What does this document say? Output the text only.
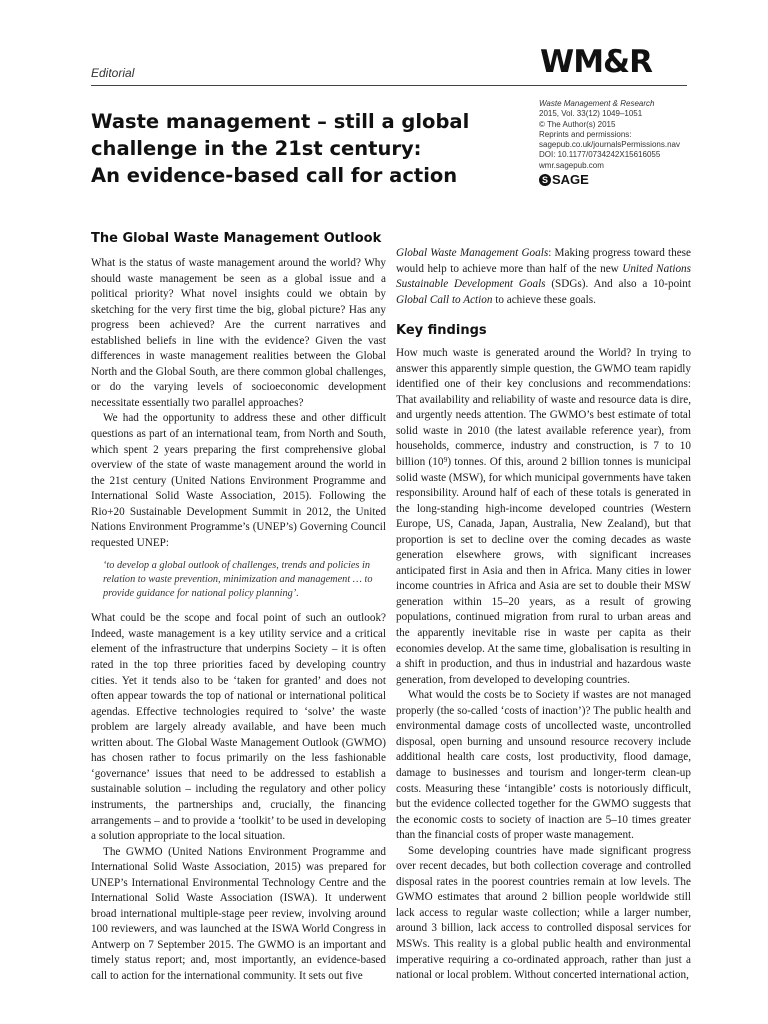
Editorial	WM&R
Waste management – still a global
challenge in the 21st century:
An evidence-based call for action
Waste Management & Research
2015, Vol. 33(12) 1049–1051
© The Author(s) 2015
Reprints and permissions:
sagepub.co.uk/journalsPermissions.nav
DOI: 10.1177/0734242X15616055
wmr.sagepub.com
S SAGE
The Global Waste Management Outlook

What is the status of waste management around the world? Why should waste management be seen as a global issue and a political priority? What novel insights could we obtain by sketching for the very first time the big, global picture? Has any progress been achieved? Are the current narratives and established beliefs in line with the evidence? Given the vast differences in waste management realities between the Global North and the Global South, are there common global challenges, or do the varying levels of socioeconomic development necessitate essentially two parallel approaches?

We had the opportunity to address these and other difficult questions as part of an international team, from North and South, which spent 2 years preparing the first comprehensive global overview of the state of waste management around the world in the 21st century (United Nations Environment Programme and International Solid Waste Association, 2015). Following the Rio+20 Sustainable Development Summit in 2012, the United Nations Environment Programme’s (UNEP’s) Governing Council requested UNEP:

‘to develop a global outlook of challenges, trends and policies in relation to waste prevention, minimization and management … to provide guidance for national policy planning’.

What could be the scope and focal point of such an outlook? Indeed, waste management is a key utility service and a critical element of the infrastructure that underpins Society – it is often rated in the top three priorities faced by developing country cities. Yet it tends also to be ‘taken for granted’ and does not often appear towards the top of national or international political agendas. Effective technologies required to ‘solve’ the waste problem are largely already available, and have been much written about. The Global Waste Management Outlook (GWMO) has chosen rather to focus primarily on the less fashionable ‘governance’ issues that need to be addressed to establish a sustainable solution – including the regulatory and other policy instruments, the partnerships and, crucially, the financing arrangements – and to provide a ‘toolkit’ to be used in developing a solution appropriate to the local situation.

The GWMO (United Nations Environment Programme and International Solid Waste Association, 2015) was prepared for UNEP’s International Environmental Technology Centre and the International Solid Waste Association (ISWA). It underwent broad international multiple-stage peer review, involving around 100 reviewers, and was launched at the ISWA World Congress in Antwerp on 7 September 2015. The GWMO is an important and timely status report; and, most importantly, an evidence-based call to action for the international community. It sets out five

Global Waste Management Goals: Making progress toward these would help to achieve more than half of the new United Nations Sustainable Development Goals (SDGs). And also a 10-point Global Call to Action to achieve these goals.

Key findings

How much waste is generated around the World? In trying to answer this apparently simple question, the GWMO team rapidly identified one of their key conclusions and recommendations: That availability and reliability of waste and resource data is dire, and urgently needs attention. The GWMO’s best estimate of total solid waste in 2010 (the latest available reference year), from households, commerce, industry and construction, is 7 to 10 billion (10⁹) tonnes. Of this, around 2 billion tonnes is municipal solid waste (MSW), for which municipal governments have taken responsibility. Around half of each of these totals is generated in the long-standing high-income developed countries (Western Europe, US, Canada, Japan, Australia, New Zealand), but that proportion is set to decline over the coming decades as waste generation elsewhere grows, with significant increases anticipated first in Asia and then in Africa. Many cities in lower income countries in Africa and Asia are set to double their MSW generation within 15–20 years, as a result of growing populations, continued migration from rural to urban areas and the apparently inevitable rise in waste per capita as their economies develop. At the same time, globalisation is resulting in a shift in production, and thus in industrial and hazardous waste generation, from developed to developing countries.

What would the costs be to Society if wastes are not managed properly (the so-called ‘costs of inaction’)? The public health and environmental damage costs of uncollected waste, uncontrolled disposal, open burning and unsound resource recovery include additional health care costs, lost productivity, flood damage, damage to businesses and tourism and longer-term clean-up costs. Measuring these ‘intangible’ costs is notoriously difficult, but the evidence collected together for the GWMO suggests that the economic costs to society of inaction are 5–10 times greater than the financial costs of proper waste management.

Some developing countries have made significant progress over recent decades, but both collection coverage and controlled disposal rates in the poorest countries remain at low levels. The GWMO estimates that around 2 billion people worldwide still lack access to regular waste collection; while a larger number, around 3 billion, lack access to controlled disposal services for MSWs. This reality is a global public health and environmental imperative requiring a co-ordinated approach, rather than just a national or local problem. Without concerted international action,
